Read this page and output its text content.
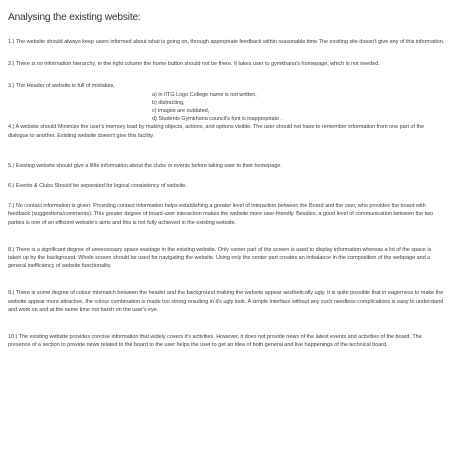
Analysing the existing website:

1.) The website should always keep users informed about what is going on, through appropriate feedback within reasonable time.The exsiting site doesn't give any of this information.

2.) There is no information hierarchy, in the right column the home button should not be there. It takes user to gymkhana's homepage, which is not needed.

3.) The Header of website is full of mistakes,

a) in IITG Logo College name is not written,
b) distracting,
c) images are outdated,
d) Students Gymkhana council's font is inappropriate .

4.) A website should Minimize the user's memory load by making objects, actions, and options visible. The user should not have to remember information from one part of the dialogue to another. Existing website doesn't give this facility.

5.) Existing website should give a little information about the clubs or events before taking user to their homepage.

6.) Events & Clubs Should be seperated for logical consistency of website.

7.) No contact information is given. Providing contact information helps establishing a greater level of interaction between the Board and the user, who provides the board with feedback (suggestions/comments). This greater degree of board-user interaction makes the website more user-friendly. Besides, a good level of communication between the two parties is one of an efficient website's aims and this is not fully achieved in the existing website.

8.) There is a significant degree of unnecessary space wastage in the existing website. Only center part of the screen is used to display information whereas a lot of the space is taken up by the background. Whole screen should be used for navigating the website. Using only the center part creates an imbalance in the composition of the webpage and a general inefficiency of website functionality.

9.) There is some degree of colour mismatch between the header and the background making the website appear aesthetically ugly. It is quite possible that in eagerness to make the website appear more attractive, the colour combination is made too strong resulting in it's ugly look. A simple interface without any such needless complications is easy to understand and work on and at the same time not harsh on the user's eye.

10.) The existing website provides concise information that widely covers it's activities. However, it does not provide news of the latest events and activities of the board. The presence of a section to provide news related to the board to the user helps the user to get an idea of both general and live happenings of the technical board.
